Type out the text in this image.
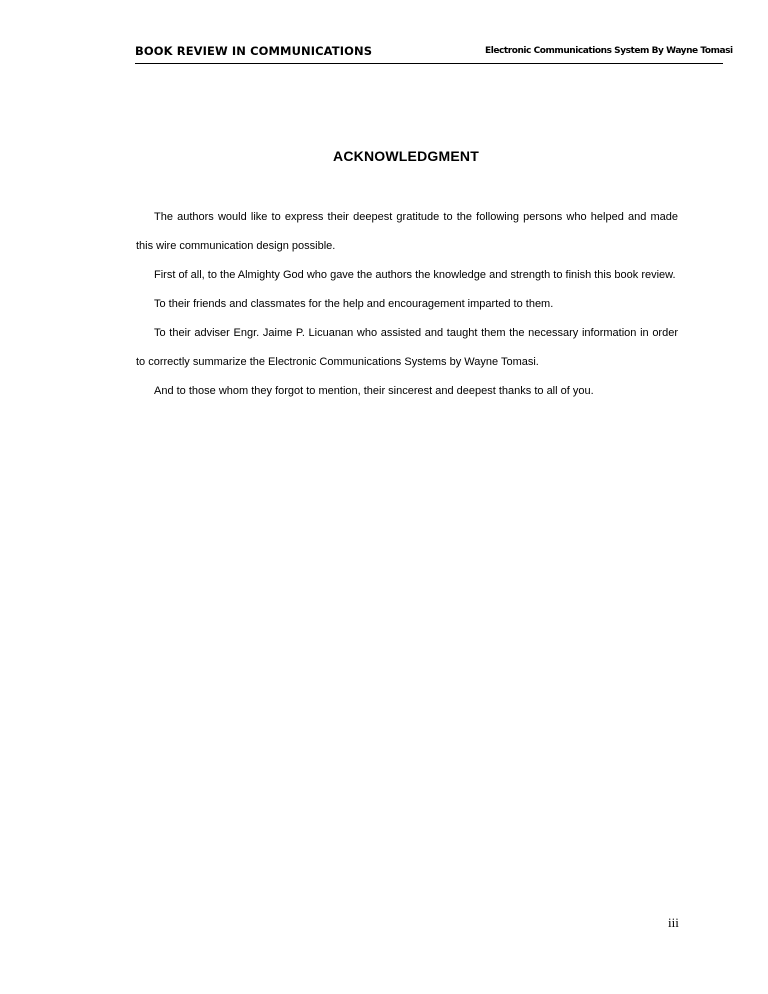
BOOK REVIEW IN COMMUNICATIONS	Electronic Communications System By Wayne Tomasi
ACKNOWLEDGMENT

The authors would like to express their deepest gratitude to the following persons who helped and made this wire communication design possible.

First of all, to the Almighty God who gave the authors the knowledge and strength to finish this book review.

To their friends and classmates for the help and encouragement imparted to them.

To their adviser Engr. Jaime P. Licuanan who assisted and taught them the necessary information in order to correctly summarize the Electronic Communications Systems by Wayne Tomasi.

And to those whom they forgot to mention, their sincerest and deepest thanks to all of you.

iii
